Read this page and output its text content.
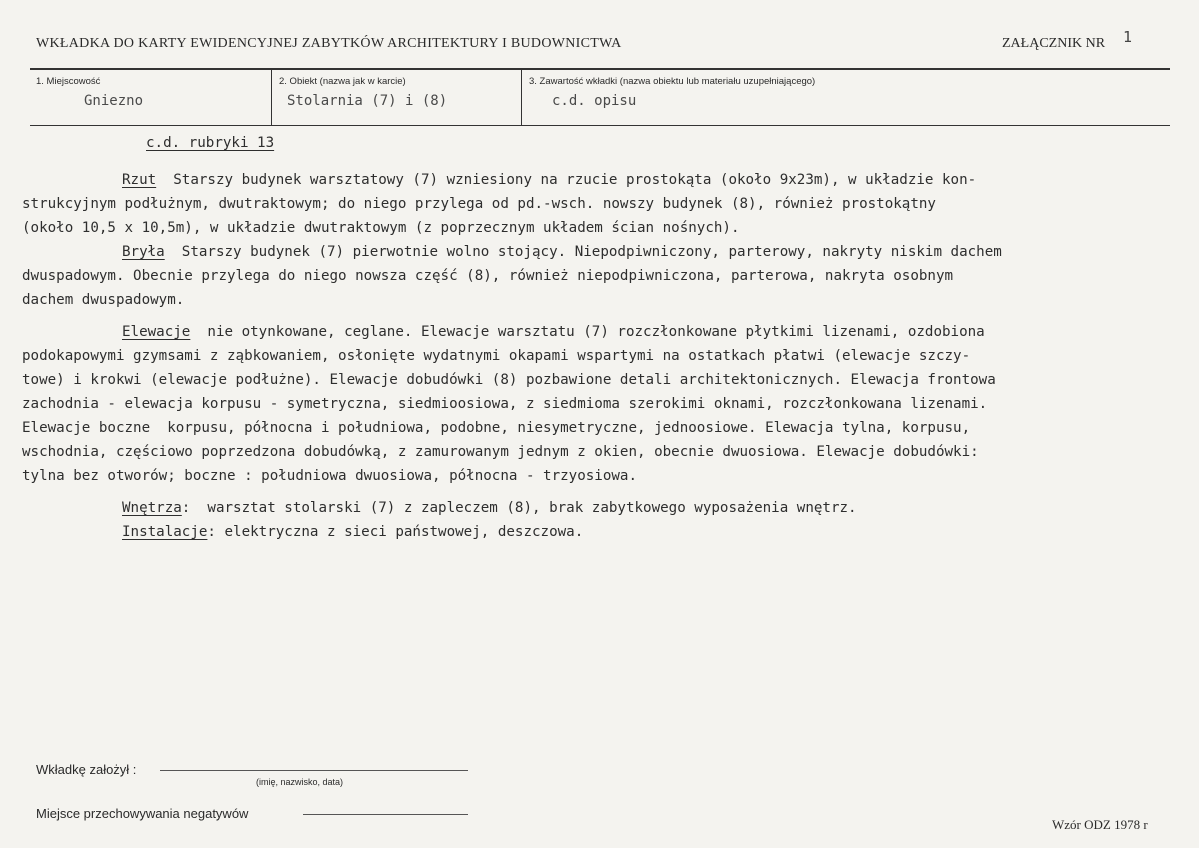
WKŁADKA DO KARTY EWIDENCYJNEJ ZABYTKÓW ARCHITEKTURY I BUDOWNICTWA	ZAŁĄCZNIK NR 1
1. Miejscowość
Gniezno
2. Obiekt (nazwa jak w karcie)
Stolarnia (7) i (8)
3. Zawartość wkładki (nazwa obiektu lub materiału uzupełniającego)
c.d. opisu
c.d. rubryki 13
Rzut  Starszy budynek warsztatowy (7) wzniesiony na rzucie prostokąta (około 9x23m), w układzie kon-
strukcyjnym podłużnym, dwutraktowym; do niego przylega od pd.-wsch. nowszy budynek (8), również prostokątny
(około 10,5 x 10,5m), w układzie dwutraktowym (z poprzecznym układem ścian nośnych).
Bryła  Starszy budynek (7) pierwotnie wolno stojący. Niepodpiwniczony, parterowy, nakryty niskim dachem
dwuspadowym. Obecnie przylega do niego nowsza część (8), również niepodpiwniczona, parterowa, nakryta osobnym
dachem dwuspadowym.
Elewacje  nie otynkowane, ceglane. Elewacje warsztatu (7) rozczłonkowane płytkimi lizenami, ozdobiona
podokapowymi gzymsami z ząbkowaniem, osłonięte wydatnymi okapami wspartymi na ostatkach płatwi (elewacje szczy-
towe) i krokwi (elewacje podłużne). Elewacje dobudówki (8) pozbawione detali architektonicznych. Elewacja frontowa
zachodnia - elewacja korpusu - symetryczna, siedmioosiowa, z siedmioma szerokimi oknami, rozczłonkowana lizenami.
Elewacje boczne  korpusu, północna i południowa, podobne, niesymetryczne, jednoosiowe. Elewacja tylna, korpusu,
wschodnia, częściowo poprzedzona dobudówką, z zamurowanym jednym z okien, obecnie dwuosiowa. Elewacje dobudówki:
tylna bez otworów; boczne : południowa dwuosiowa, północna - trzyosiowa.
Wnętrza:  warsztat stolarski (7) z zapleczem (8), brak zabytkowego wyposażenia wnętrz.
Instalacje: elektryczna z sieci państwowej, deszczowa.
Wkładkę założył :
(imię, nazwisko, data)
Miejsce przechowywania negatywów
Wzór ODZ 1978 r
